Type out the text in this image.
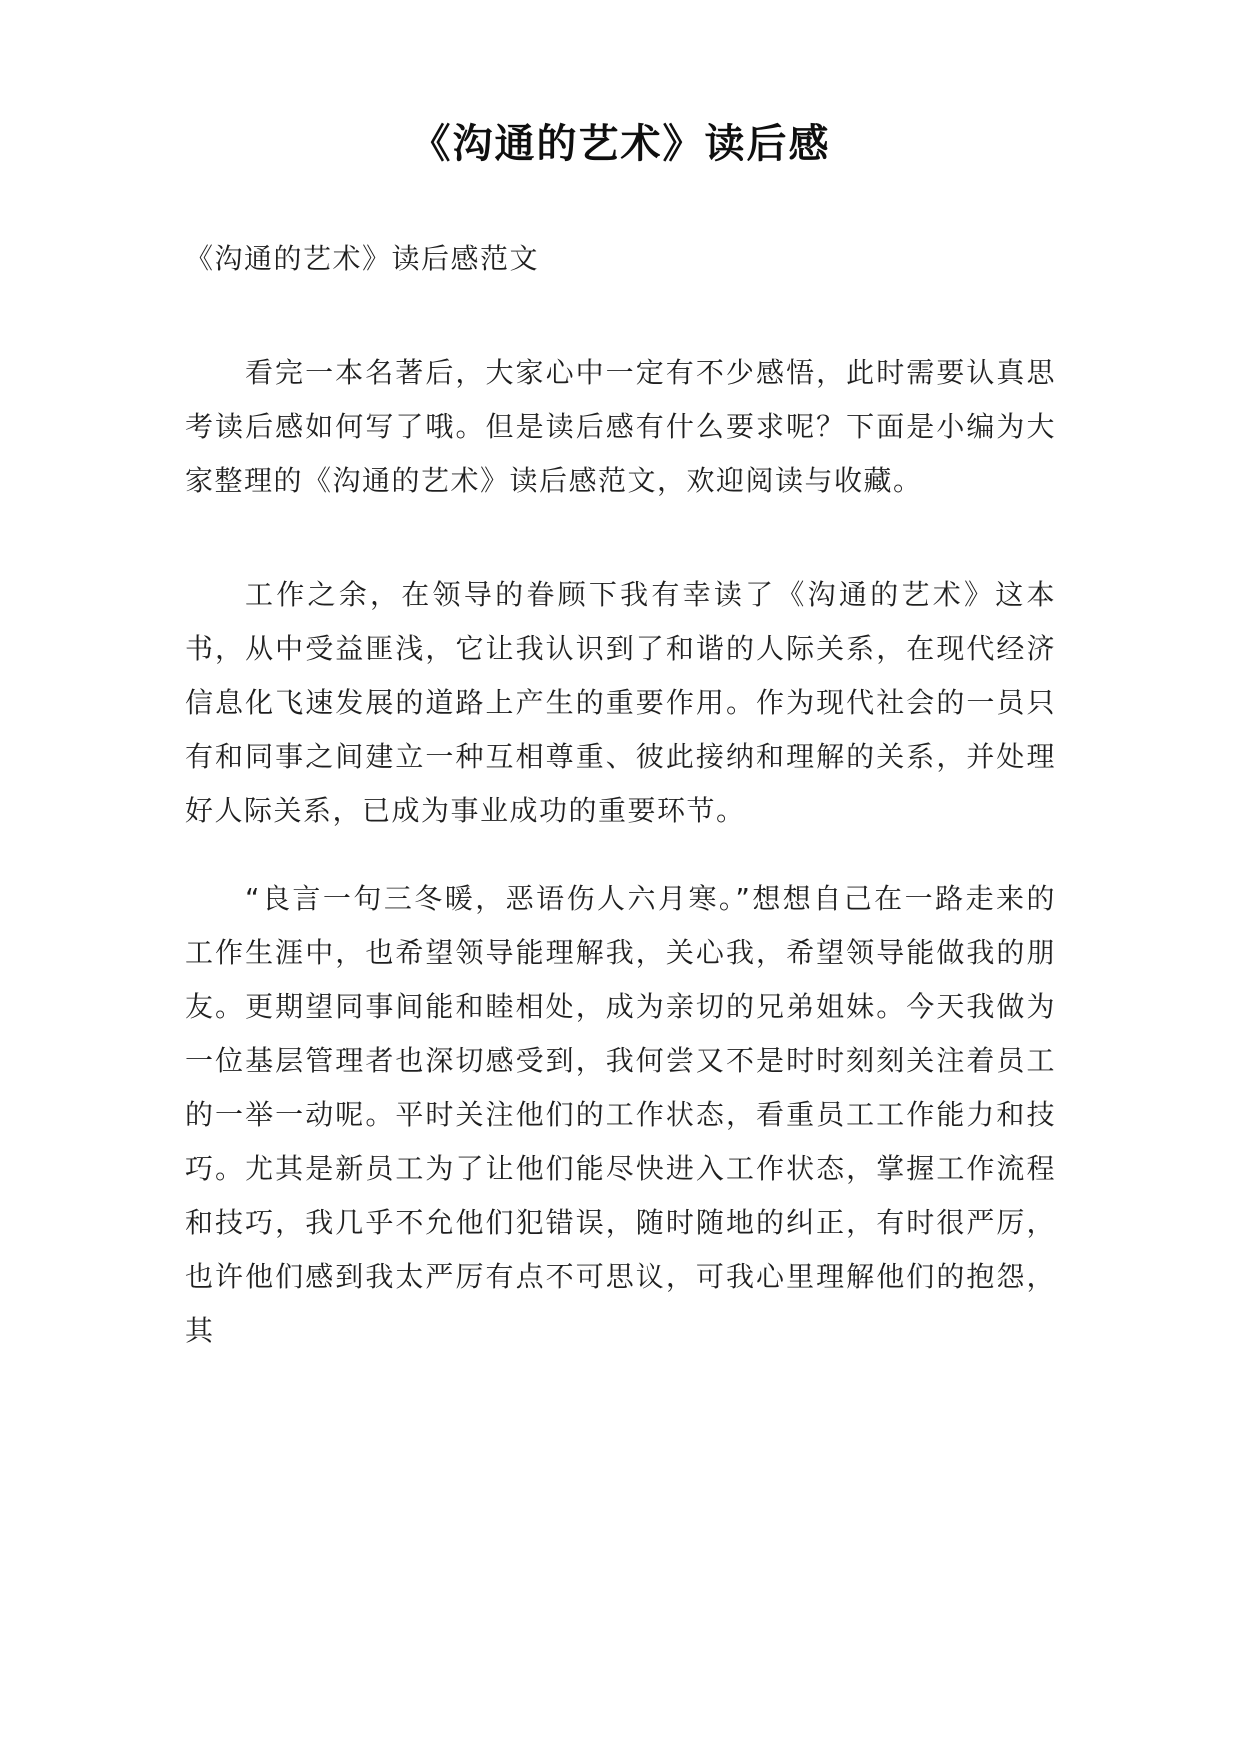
《沟通的艺术》读后感

《沟通的艺术》读后感范文

看完一本名著后，大家心中一定有不少感悟，此时需要认真思考读后感如何写了哦。但是读后感有什么要求呢？下面是小编为大家整理的《沟通的艺术》读后感范文，欢迎阅读与收藏。

工作之余，在领导的眷顾下我有幸读了《沟通的艺术》这本书，从中受益匪浅，它让我认识到了和谐的人际关系，在现代经济信息化飞速发展的道路上产生的重要作用。作为现代社会的一员只有和同事之间建立一种互相尊重、彼此接纳和理解的关系，并处理好人际关系，已成为事业成功的重要环节。

“良言一句三冬暖，恶语伤人六月寒。”想想自己在一路走来的工作生涯中，也希望领导能理解我，关心我，希望领导能做我的朋友。更期望同事间能和睦相处，成为亲切的兄弟姐妹。今天我做为一位基层管理者也深切感受到，我何尝又不是时时刻刻关注着员工的一举一动呢。平时关注他们的工作状态，看重员工工作能力和技巧。尤其是新员工为了让他们能尽快进入工作状态，掌握工作流程和技巧，我几乎不允他们犯错误，随时随地的纠正，有时很严厉，也许他们感到我太严厉有点不可思议，可我心里理解他们的抱怨，其
